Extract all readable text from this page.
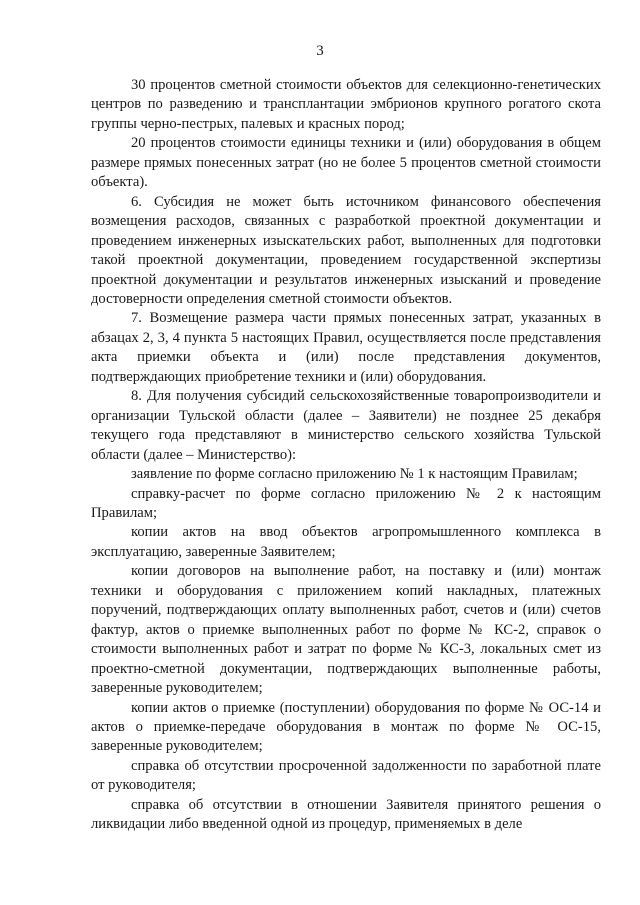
3

30 процентов сметной стоимости объектов для селекционно-генетических центров по разведению и трансплантации эмбрионов крупного рогатого скота группы черно-пестрых, палевых и красных пород;

20 процентов стоимости единицы техники и (или) оборудования в общем размере прямых понесенных затрат (но не более 5 процентов сметной стоимости объекта).

6. Субсидия не может быть источником финансового обеспечения возмещения расходов, связанных с разработкой проектной документации и проведением инженерных изыскательских работ, выполненных для подготовки такой проектной документации, проведением государственной экспертизы проектной документации и результатов инженерных изысканий и проведение достоверности определения сметной стоимости объектов.

7. Возмещение размера части прямых понесенных затрат, указанных в абзацах 2, 3, 4 пункта 5 настоящих Правил, осуществляется после представления акта приемки объекта и (или) после представления документов, подтверждающих приобретение техники и (или) оборудования.

8. Для получения субсидий сельскохозяйственные товаропроизводители и организации Тульской области (далее – Заявители) не позднее 25 декабря текущего года представляют в министерство сельского хозяйства Тульской области (далее – Министерство):

заявление по форме согласно приложению № 1 к настоящим Правилам;

справку-расчет по форме согласно приложению № 2 к настоящим Правилам;

копии актов на ввод объектов агропромышленного комплекса в эксплуатацию, заверенные Заявителем;

копии договоров на выполнение работ, на поставку и (или) монтаж техники и оборудования с приложением копий накладных, платежных поручений, подтверждающих оплату выполненных работ, счетов и (или) счетов фактур, актов о приемке выполненных работ по форме № КС-2, справок о стоимости выполненных работ и затрат по форме № КС-3, локальных смет из проектно-сметной документации, подтверждающих выполненные работы, заверенные руководителем;

копии актов о приемке (поступлении) оборудования по форме № ОС-14 и актов о приемке-передаче оборудования в монтаж по форме № ОС-15, заверенные руководителем;

справка об отсутствии просроченной задолженности по заработной плате от руководителя;

справка об отсутствии в отношении Заявителя принятого решения о ликвидации либо введенной одной из процедур, применяемых в деле
